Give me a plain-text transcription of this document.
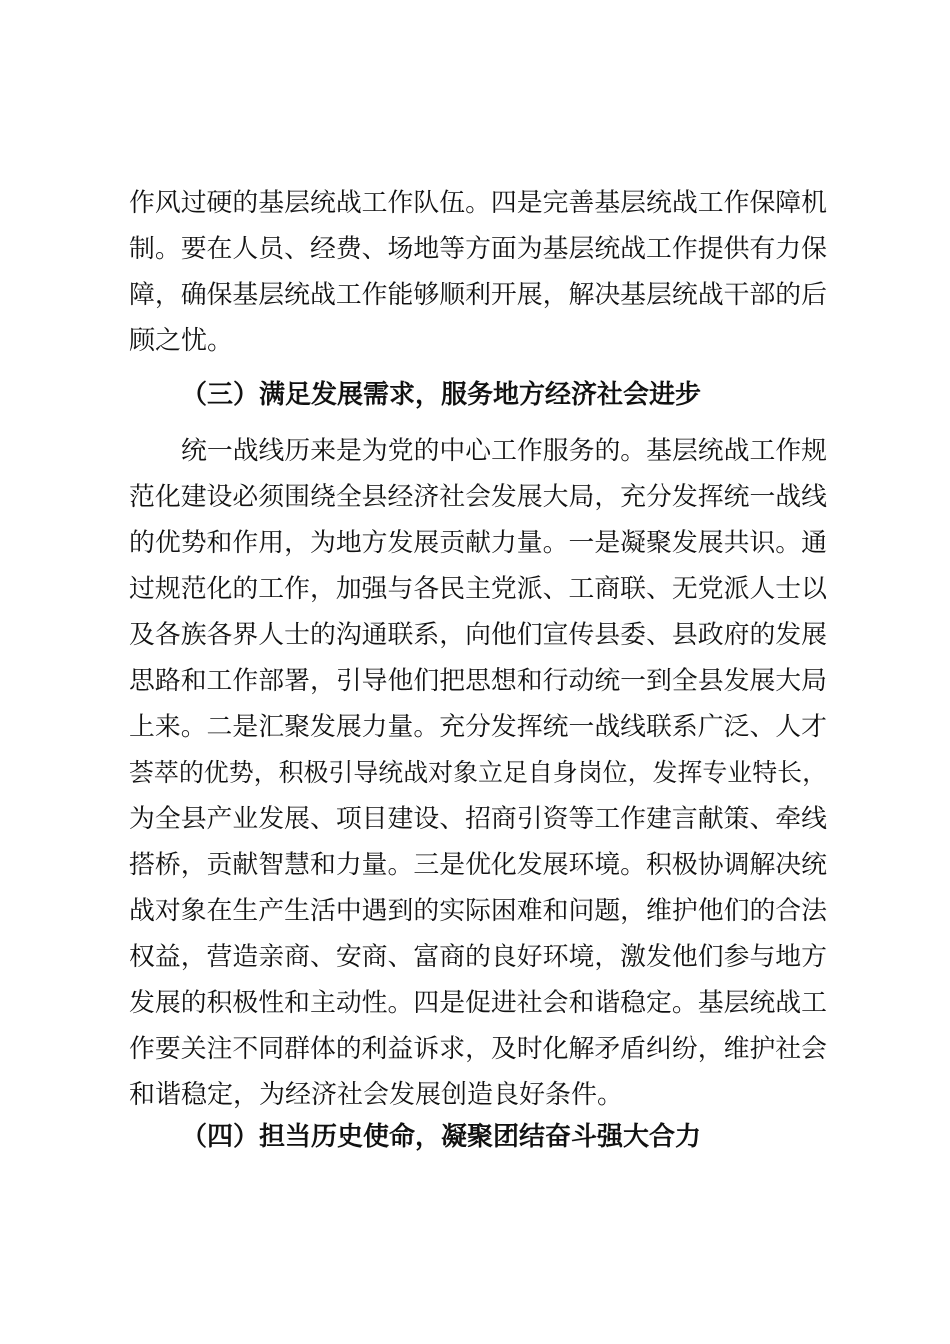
作风过硬的基层统战工作队伍。四是完善基层统战工作保障机
制。要在人员、经费、场地等方面为基层统战工作提供有力保
障，确保基层统战工作能够顺利开展，解决基层统战干部的后
顾之忧。
（三）满足发展需求，服务地方经济社会进步
统一战线历来是为党的中心工作服务的。基层统战工作规
范化建设必须围绕全县经济社会发展大局，充分发挥统一战线
的优势和作用，为地方发展贡献力量。一是凝聚发展共识。通
过规范化的工作，加强与各民主党派、工商联、无党派人士以
及各族各界人士的沟通联系，向他们宣传县委、县政府的发展
思路和工作部署，引导他们把思想和行动统一到全县发展大局
上来。二是汇聚发展力量。充分发挥统一战线联系广泛、人才
荟萃的优势，积极引导统战对象立足自身岗位，发挥专业特长，
为全县产业发展、项目建设、招商引资等工作建言献策、牵线
搭桥，贡献智慧和力量。三是优化发展环境。积极协调解决统
战对象在生产生活中遇到的实际困难和问题，维护他们的合法
权益，营造亲商、安商、富商的良好环境，激发他们参与地方
发展的积极性和主动性。四是促进社会和谐稳定。基层统战工
作要关注不同群体的利益诉求，及时化解矛盾纠纷，维护社会
和谐稳定，为经济社会发展创造良好条件。
（四）担当历史使命，凝聚团结奋斗强大合力
